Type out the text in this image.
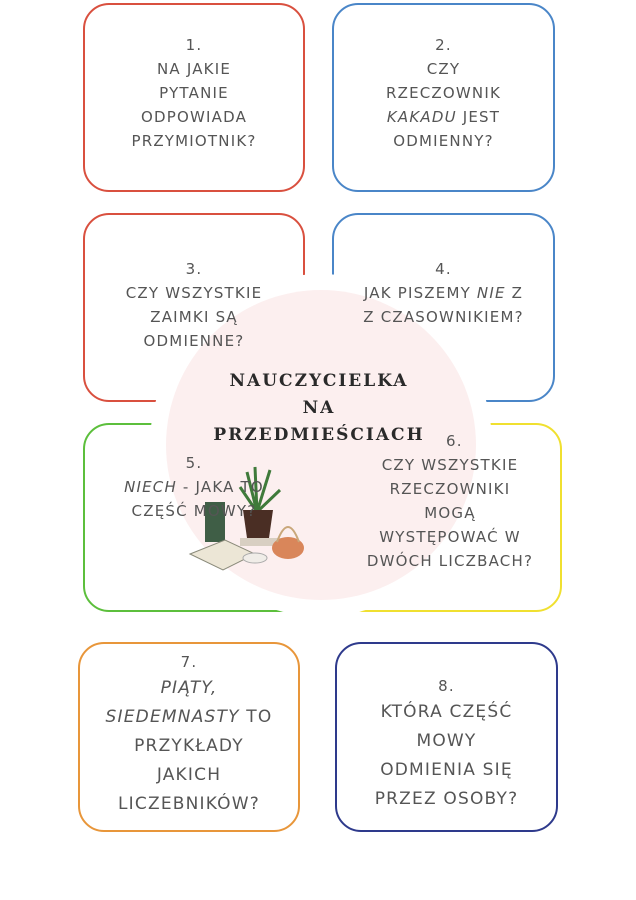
1.
NA JAKIE
PYTANIE
ODPOWIADA
PRZYMIOTNIK?
2.
CZY
RZECZOWNIK
KAKADU JEST
ODMIENNY?
3.
CZY WSZYSTKIE
ZAIMKI SĄ
ODMIENNE?
4.
JAK PISZEMY NIE Z
Z CZASOWNIKIEM?
5.
NIECH - JAKA TO
CZĘŚĆ MOWY?
6.
CZY WSZYSTKIE
RZECZOWNIKI
MOGĄ
WYSTĘPOWAĆ W
DWÓCH LICZBACH?
7.
PIĄTY,
SIEDEMNASTY TO
PRZYKŁADY
JAKICH
LICZEBNIKÓW?
8.
KTÓRA CZĘŚĆ
MOWY
ODMIENIA SIĘ
PRZEZ OSOBY?
NAUCZYCIELKA
NA
PRZEDMIEŚCIACH
